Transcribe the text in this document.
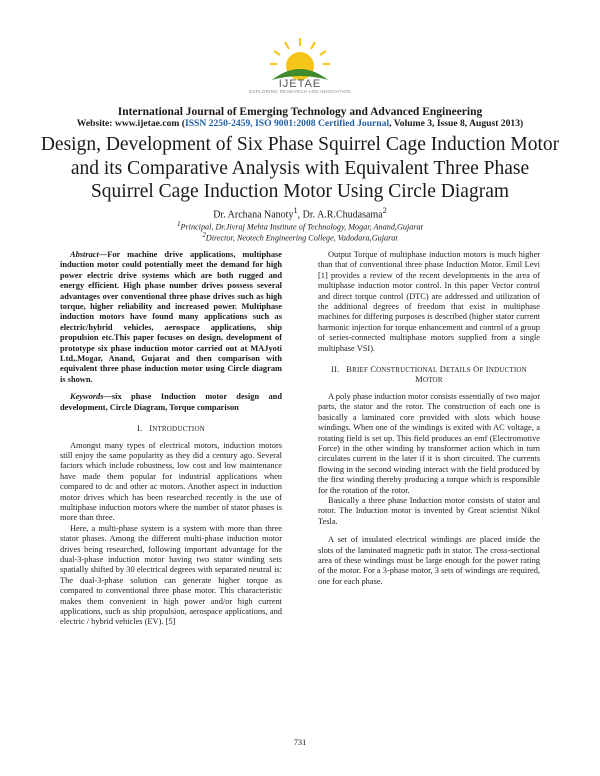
IJETAE
EXPLORING RESEARCH AND INNOVATION
International Journal of Emerging Technology and Advanced Engineering
Website: www.ijetae.com (ISSN 2250-2459, ISO 9001:2008 Certified Journal, Volume 3, Issue 8, August 2013)
Design, Development of Six Phase Squirrel Cage Induction Motor and its Comparative Analysis with Equivalent Three Phase Squirrel Cage Induction Motor Using Circle Diagram
Dr. Archana Nanoty$^1$, Dr. A.R.Chudasama$^2$
$^1$Principal, Dr.Jivraj Mehta Institute of Technology, Mogar, Anand,Gujarat
$^2$Director, Neotech Engineering College, Vadodara,Gujarat

Abstract—For machine drive applications, multiphase induction motor could potentially meet the demand for high power electric drive systems which are both rugged and energy efficient. High phase number drives possess several advantages over conventional three phase drives such as high torque, higher reliability and increased power. Multiphase induction motors have found many applications such as electric/hybrid vehicles, aerospace applications, ship propulsion etc.This paper focuses on design, development of prototype six phase induction motor carried out at MAJyoti Ltd,.Mogar, Anand, Gujarat and then comparison with equivalent three phase induction motor using Circle diagram is shown.

Keywords—six phase Induction motor design and development, Circle Diagram, Torque comparison

I. INTRODUCTION

Amongst many types of electrical motors, induction motors still enjoy the same popularity as they did a century ago. Several factors which include robustness, low cost and low maintenance have made them popular for industrial applications when compared to dc and other ac motors. Another aspect in induction motor drives which has been researched recently is the use of multiphase induction motors where the number of stator phases is more than three.

Here, a multi-phase system is a system with more than three stator phases. Among the different multi-phase induction motor drives being researched, following important advantage for the dual-3-phase induction motor having two stator winding sets spatially shifted by 30 electrical degrees with separated neutral is: The dual-3-phase solution can generate higher torque as compared to conventional three phase motor. This characteristic makes them convenient in high power and/or high current applications, such as ship propulsion, aerospace applications, and electric / hybrid vehicles (EV). [5]

Output Torque of multiphase induction motors is much higher than that of conventional three phase Induction Motor. Emil Levi [1] provides a review of the recent developments in the area of multiphase induction motor control. In this paper Vector control and direct torque control (DTC) are addressed and utilization of the additional degrees of freedom that exist in multiphase machines for differing purposes is described (higher stator current harmonic injection for torque enhancement and control of a group of series-connected multiphase motors supplied from a single multiphase VSI).

II. BRIEF CONSTRUCTIONAL DETAILS OF INDUCTION
MOTOR

A poly phase induction motor consists essentially of two major parts, the stator and the rotor. The construction of each one is basically a laminated core provided with slots which house windings. When one of the windings is exited with AC voltage, a rotating field is set up. This field produces an emf (Electromotive Force) in the other winding by transformer action which in turn circulates current in the later if it is short circuited. The currents flowing in the second winding interact with the field produced by the first winding thereby producing a torque which is responsible for the rotation of the rotor.

Basically a three phase Induction motor consists of stator and rotor. The Induction motor is invented by Great scientist Nikol Tesla.

A set of insulated electrical windings are placed inside the slots of the laminated magnetic path in stator. The cross-sectional area of these windings must be large enough for the power rating of the motor. For a 3-phase motor, 3 sets of windings are required, one for each phase.

731
